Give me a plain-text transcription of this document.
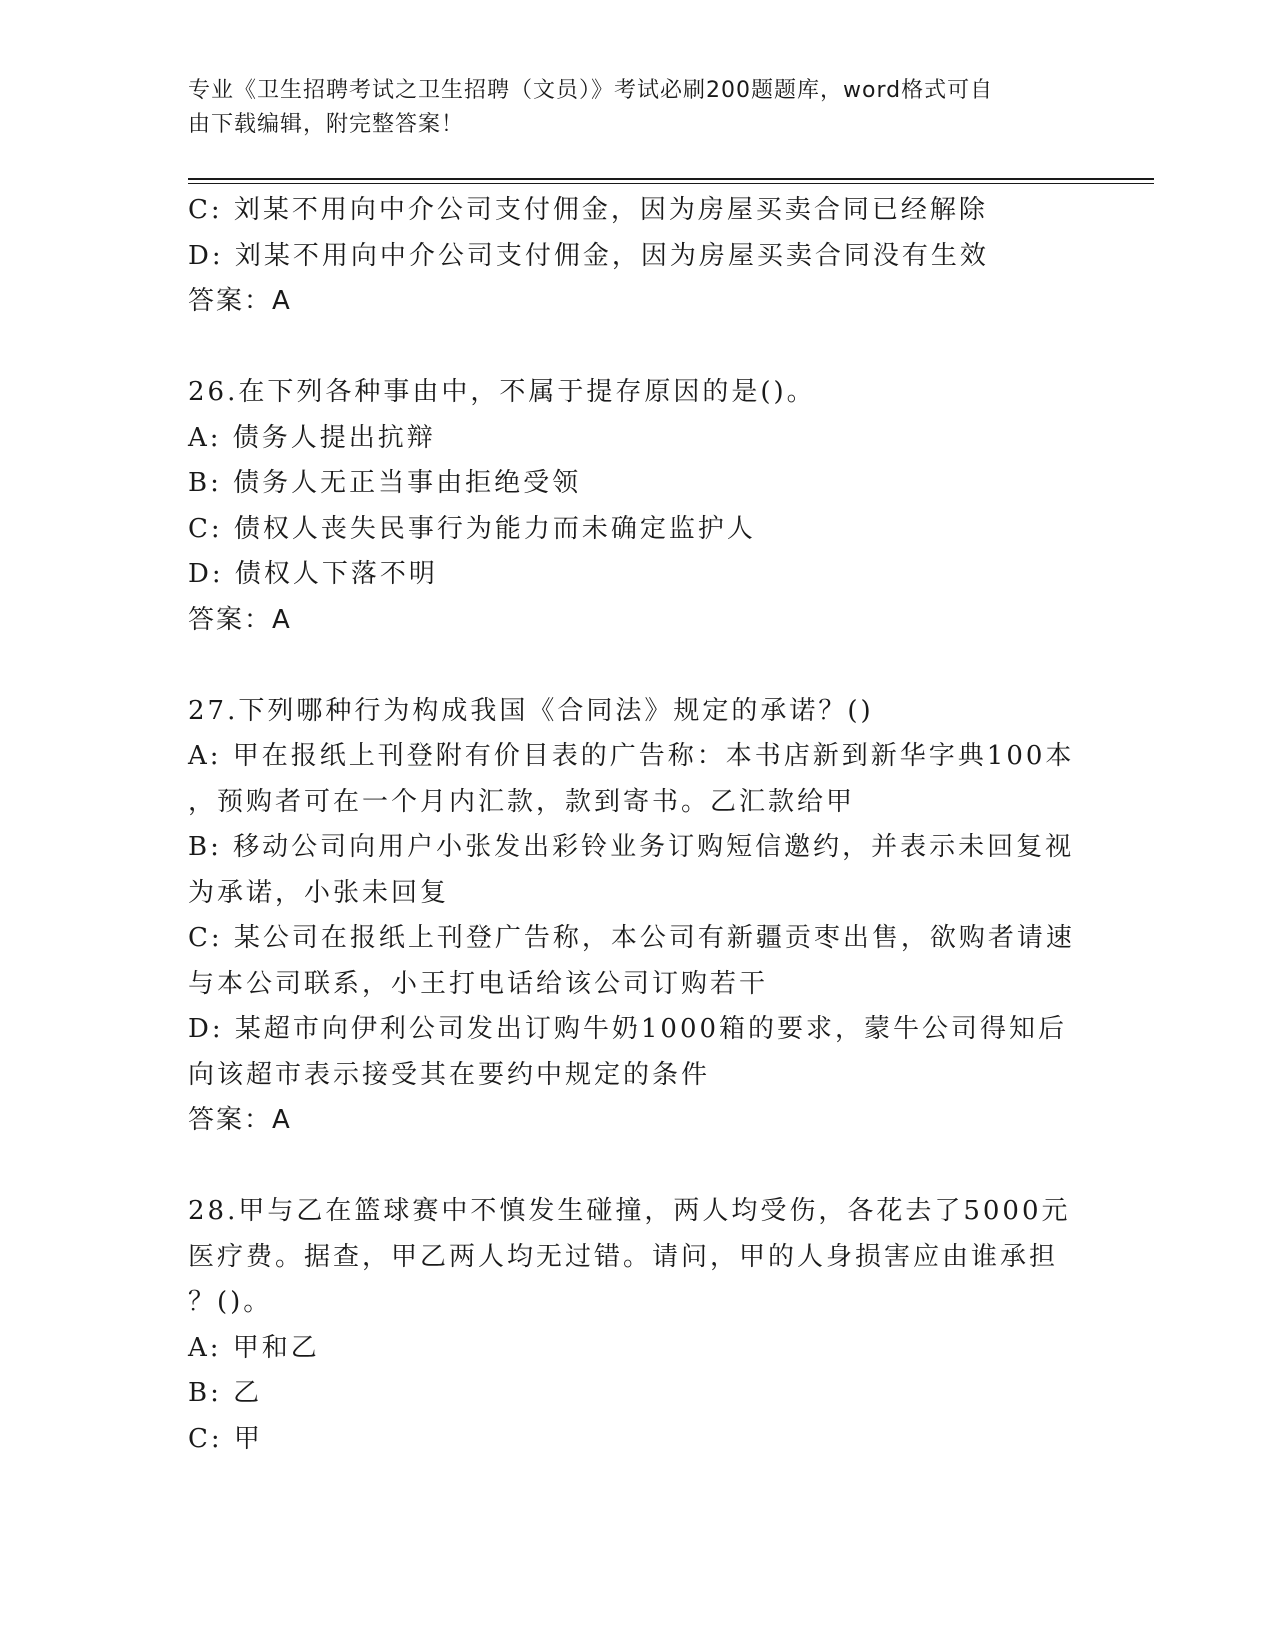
专业《卫生招聘考试之卫生招聘（文员）》考试必刷200题题库，word格式可自
由下载编辑，附完整答案！
C: 刘某不用向中介公司支付佣金，因为房屋买卖合同已经解除
D: 刘某不用向中介公司支付佣金，因为房屋买卖合同没有生效
答案：A
26.在下列各种事由中，不属于提存原因的是()。
A: 债务人提出抗辩
B: 债务人无正当事由拒绝受领
C: 债权人丧失民事行为能力而未确定监护人
D: 债权人下落不明
答案：A
27.下列哪种行为构成我国《合同法》规定的承诺？()
A: 甲在报纸上刊登附有价目表的广告称：本书店新到新华字典100本
，预购者可在一个月内汇款，款到寄书。乙汇款给甲
B: 移动公司向用户小张发出彩铃业务订购短信邀约，并表示未回复视
为承诺，小张未回复
C: 某公司在报纸上刊登广告称，本公司有新疆贡枣出售，欲购者请速
与本公司联系，小王打电话给该公司订购若干
D: 某超市向伊利公司发出订购牛奶1000箱的要求，蒙牛公司得知后
向该超市表示接受其在要约中规定的条件
答案：A
28.甲与乙在篮球赛中不慎发生碰撞，两人均受伤，各花去了5000元
医疗费。据查，甲乙两人均无过错。请问，甲的人身损害应由谁承担
？()。
A: 甲和乙
B: 乙
C: 甲
